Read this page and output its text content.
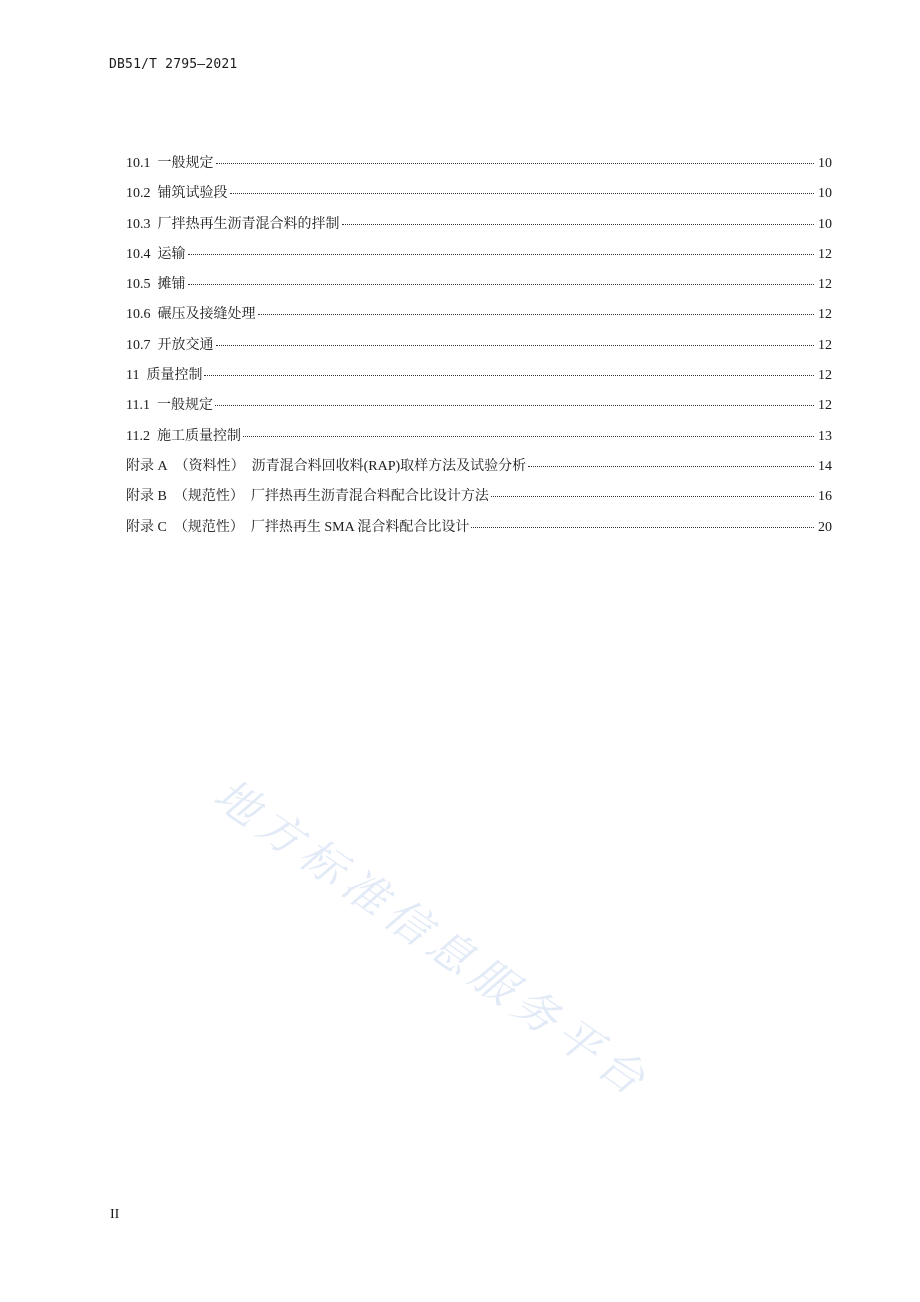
DB51/T 2795—2021
10.1 一般规定	10
10.2 铺筑试验段	10
10.3 厂拌热再生沥青混合料的拌制	10
10.4 运输	12
10.5 摊铺	12
10.6 碾压及接缝处理	12
10.7 开放交通	12
11 质量控制	12
11.1 一般规定	12
11.2 施工质量控制	13
附录 A （资料性）  沥青混合料回收料(RAP)取样方法及试验分析	14
附录 B （规范性）  厂拌热再生沥青混合料配合比设计方法	16
附录 C （规范性）  厂拌热再生 SMA 混合料配合比设计	20
地方标准信息服务平台
II
